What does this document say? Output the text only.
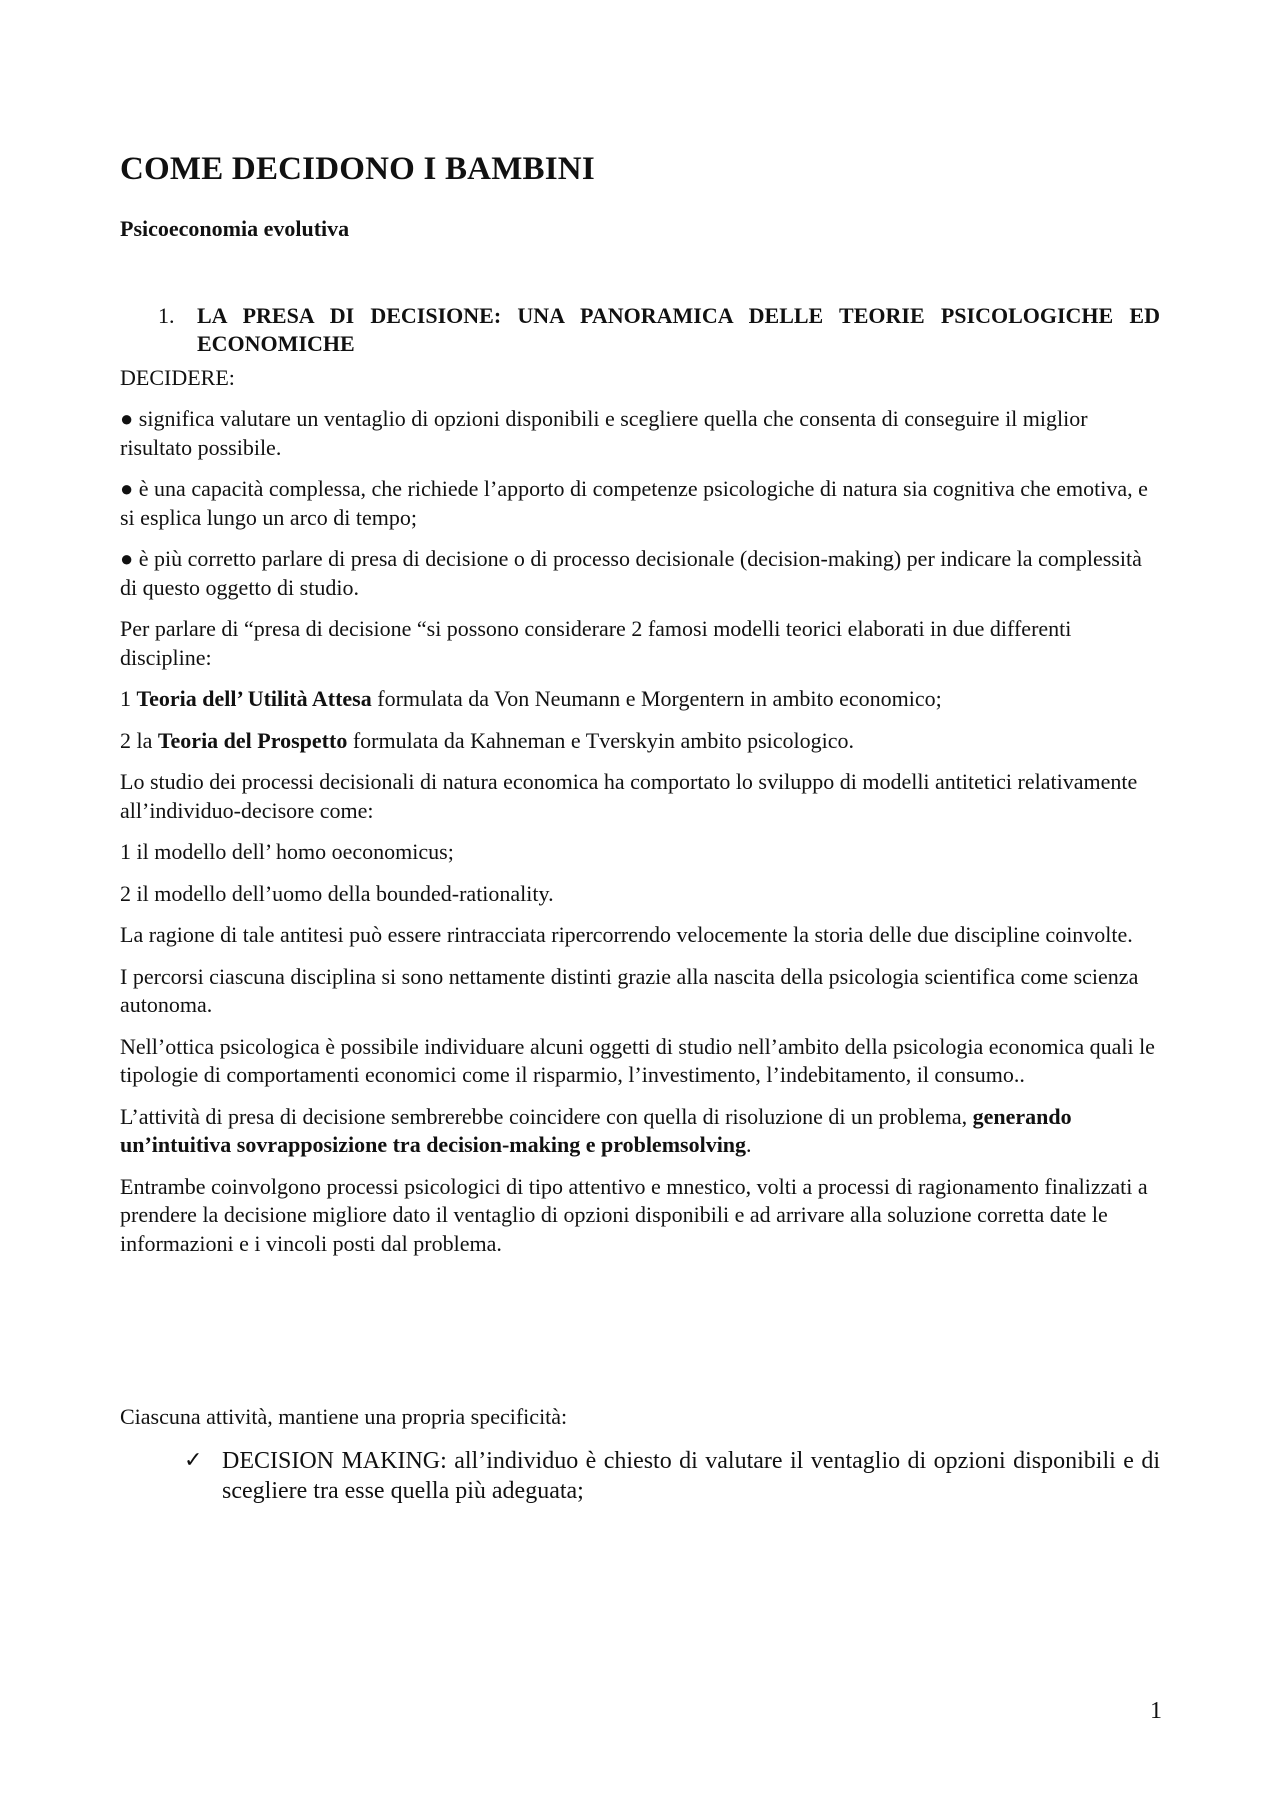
COME DECIDONO I BAMBINI

Psicoeconomia evolutiva

1.	LA PRESA DI DECISIONE: UNA PANORAMICA DELLE TEORIE PSICOLOGICHE ED ECONOMICHE

DECIDERE:

● significa valutare un ventaglio di opzioni disponibili e scegliere quella che consenta di conseguire il miglior risultato possibile.

● è una capacità complessa, che richiede l’apporto di competenze psicologiche di natura sia cognitiva che emotiva, e si esplica lungo un arco di tempo;

● è più corretto parlare di presa di decisione o di processo decisionale (decision-making) per indicare la complessità di questo oggetto di studio.

Per parlare di “presa di decisione “si possono considerare 2 famosi modelli teorici elaborati in due differenti discipline:

1 Teoria dell’ Utilità Attesa formulata da Von Neumann e Morgentern in ambito economico;

2 la Teoria del Prospetto formulata da Kahneman e Tverskyin ambito psicologico.

Lo studio dei processi decisionali di natura economica ha comportato lo sviluppo di modelli antitetici relativamente all’individuo-decisore come:

1 il modello dell’ homo oeconomicus;

2 il modello dell’uomo della bounded-rationality.

La ragione di tale antitesi può essere rintracciata ripercorrendo velocemente la storia delle due discipline coinvolte.

I percorsi ciascuna disciplina si sono nettamente distinti grazie alla nascita della psicologia scientifica come scienza autonoma.

Nell’ottica psicologica è possibile individuare alcuni oggetti di studio nell’ambito della psicologia economica quali le tipologie di comportamenti economici come il risparmio, l’investimento, l’indebitamento, il consumo..

L’attività di presa di decisione sembrerebbe coincidere con quella di risoluzione di un problema, generando un’intuitiva sovrapposizione tra decision-making e problemsolving.

Entrambe coinvolgono processi psicologici di tipo attentivo e mnestico, volti a processi di ragionamento finalizzati a prendere la decisione migliore dato il ventaglio di opzioni disponibili e ad arrivare alla soluzione corretta date le informazioni e i vincoli posti dal problema.

Ciascuna attività, mantiene una propria specificità:

✓ DECISION MAKING: all’individuo è chiesto di valutare il ventaglio di opzioni disponibili e di scegliere tra esse quella più adeguata;
1
